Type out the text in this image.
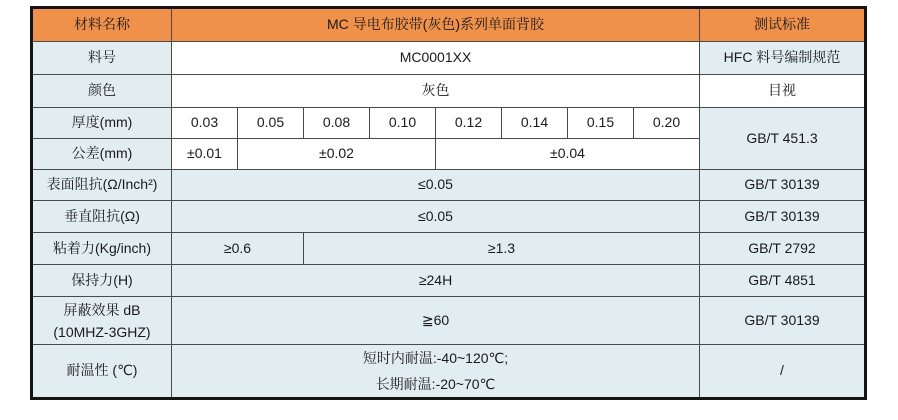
材料名称	MC 导电布胶带(灰色)系列单面背胶								测试标准
料号	MC0001XX								HFC 料号编制规范
颜色	灰色								目视
厚度(mm)	0.03	0.05	0.08	0.10	0.12	0.14	0.15	0.20	GB/T 451.3
公差(mm)	±0.01	±0.02			±0.04				
表面阻抗(Ω/Inch²)	≤0.05								GB/T 30139
垂直阻抗(Ω)	≤0.05								GB/T 30139
粘着力(Kg/inch)	≥0.6		≥1.3						GB/T 2792
保持力(H)	≥24H								GB/T 4851

屏蔽效果 dB
(10MHZ-3GHZ)	≧60								GB/T 30139
耐温性 (℃)	短时内耐温:-40~120℃;
长期耐温:-20~70℃								/
